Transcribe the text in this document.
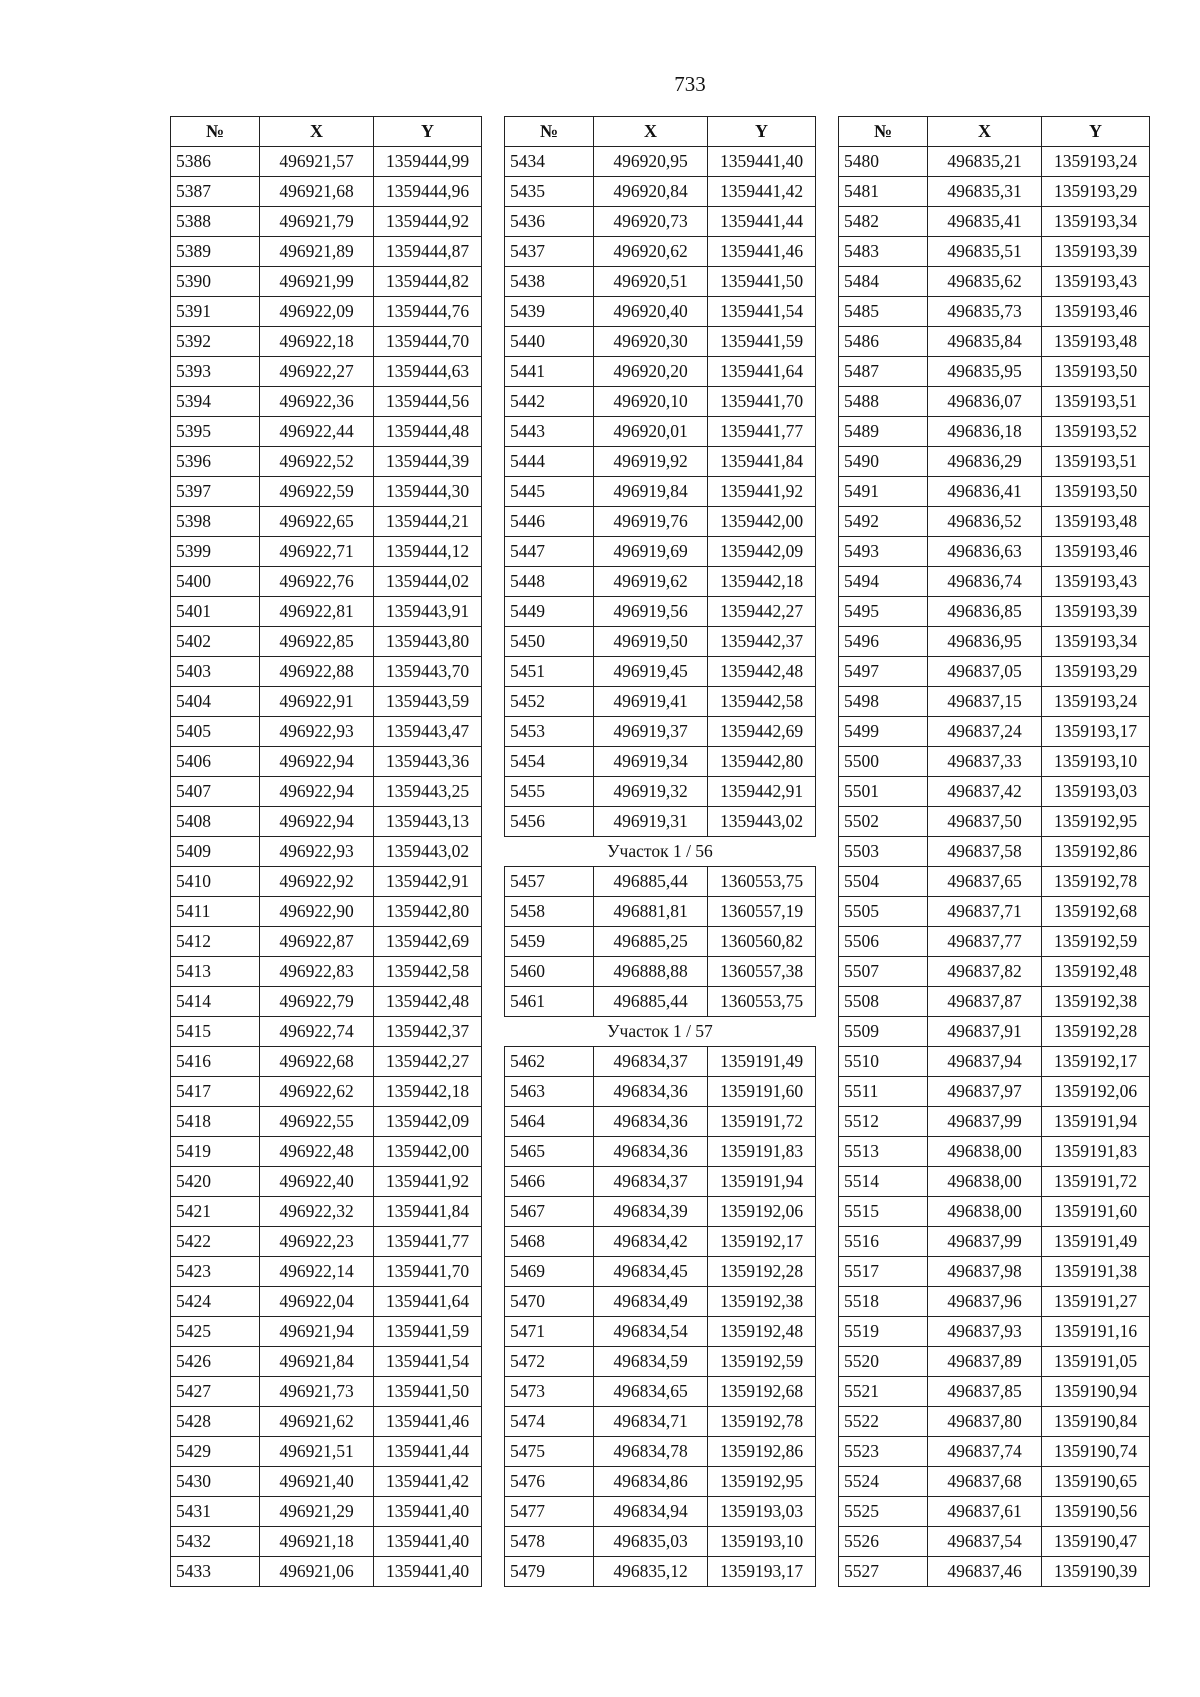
733
№	X	Y
5386	496921,57	1359444,99
5387	496921,68	1359444,96
5388	496921,79	1359444,92
5389	496921,89	1359444,87
5390	496921,99	1359444,82
5391	496922,09	1359444,76
5392	496922,18	1359444,70
5393	496922,27	1359444,63
5394	496922,36	1359444,56
5395	496922,44	1359444,48
5396	496922,52	1359444,39
5397	496922,59	1359444,30
5398	496922,65	1359444,21
5399	496922,71	1359444,12
5400	496922,76	1359444,02
5401	496922,81	1359443,91
5402	496922,85	1359443,80
5403	496922,88	1359443,70
5404	496922,91	1359443,59
5405	496922,93	1359443,47
5406	496922,94	1359443,36
5407	496922,94	1359443,25
5408	496922,94	1359443,13
5409	496922,93	1359443,02
5410	496922,92	1359442,91
5411	496922,90	1359442,80
5412	496922,87	1359442,69
5413	496922,83	1359442,58
5414	496922,79	1359442,48
5415	496922,74	1359442,37
5416	496922,68	1359442,27
5417	496922,62	1359442,18
5418	496922,55	1359442,09
5419	496922,48	1359442,00
5420	496922,40	1359441,92
5421	496922,32	1359441,84
5422	496922,23	1359441,77
5423	496922,14	1359441,70
5424	496922,04	1359441,64
5425	496921,94	1359441,59
5426	496921,84	1359441,54
5427	496921,73	1359441,50
5428	496921,62	1359441,46
5429	496921,51	1359441,44
5430	496921,40	1359441,42
5431	496921,29	1359441,40
5432	496921,18	1359441,40
5433	496921,06	1359441,40
№	X	Y
5434	496920,95	1359441,40
5435	496920,84	1359441,42
5436	496920,73	1359441,44
5437	496920,62	1359441,46
5438	496920,51	1359441,50
5439	496920,40	1359441,54
5440	496920,30	1359441,59
5441	496920,20	1359441,64
5442	496920,10	1359441,70
5443	496920,01	1359441,77
5444	496919,92	1359441,84
5445	496919,84	1359441,92
5446	496919,76	1359442,00
5447	496919,69	1359442,09
5448	496919,62	1359442,18
5449	496919,56	1359442,27
5450	496919,50	1359442,37
5451	496919,45	1359442,48
5452	496919,41	1359442,58
5453	496919,37	1359442,69
5454	496919,34	1359442,80
5455	496919,32	1359442,91
5456	496919,31	1359443,02
Участок 1 / 56		
5457	496885,44	1360553,75
5458	496881,81	1360557,19
5459	496885,25	1360560,82
5460	496888,88	1360557,38
5461	496885,44	1360553,75
Участок 1 / 57		
5462	496834,37	1359191,49
5463	496834,36	1359191,60
5464	496834,36	1359191,72
5465	496834,36	1359191,83
5466	496834,37	1359191,94
5467	496834,39	1359192,06
5468	496834,42	1359192,17
5469	496834,45	1359192,28
5470	496834,49	1359192,38
5471	496834,54	1359192,48
5472	496834,59	1359192,59
5473	496834,65	1359192,68
5474	496834,71	1359192,78
5475	496834,78	1359192,86
5476	496834,86	1359192,95
5477	496834,94	1359193,03
5478	496835,03	1359193,10
5479	496835,12	1359193,17
№	X	Y
5480	496835,21	1359193,24
5481	496835,31	1359193,29
5482	496835,41	1359193,34
5483	496835,51	1359193,39
5484	496835,62	1359193,43
5485	496835,73	1359193,46
5486	496835,84	1359193,48
5487	496835,95	1359193,50
5488	496836,07	1359193,51
5489	496836,18	1359193,52
5490	496836,29	1359193,51
5491	496836,41	1359193,50
5492	496836,52	1359193,48
5493	496836,63	1359193,46
5494	496836,74	1359193,43
5495	496836,85	1359193,39
5496	496836,95	1359193,34
5497	496837,05	1359193,29
5498	496837,15	1359193,24
5499	496837,24	1359193,17
5500	496837,33	1359193,10
5501	496837,42	1359193,03
5502	496837,50	1359192,95
5503	496837,58	1359192,86
5504	496837,65	1359192,78
5505	496837,71	1359192,68
5506	496837,77	1359192,59
5507	496837,82	1359192,48
5508	496837,87	1359192,38
5509	496837,91	1359192,28
5510	496837,94	1359192,17
5511	496837,97	1359192,06
5512	496837,99	1359191,94
5513	496838,00	1359191,83
5514	496838,00	1359191,72
5515	496838,00	1359191,60
5516	496837,99	1359191,49
5517	496837,98	1359191,38
5518	496837,96	1359191,27
5519	496837,93	1359191,16
5520	496837,89	1359191,05
5521	496837,85	1359190,94
5522	496837,80	1359190,84
5523	496837,74	1359190,74
5524	496837,68	1359190,65
5525	496837,61	1359190,56
5526	496837,54	1359190,47
5527	496837,46	1359190,39
